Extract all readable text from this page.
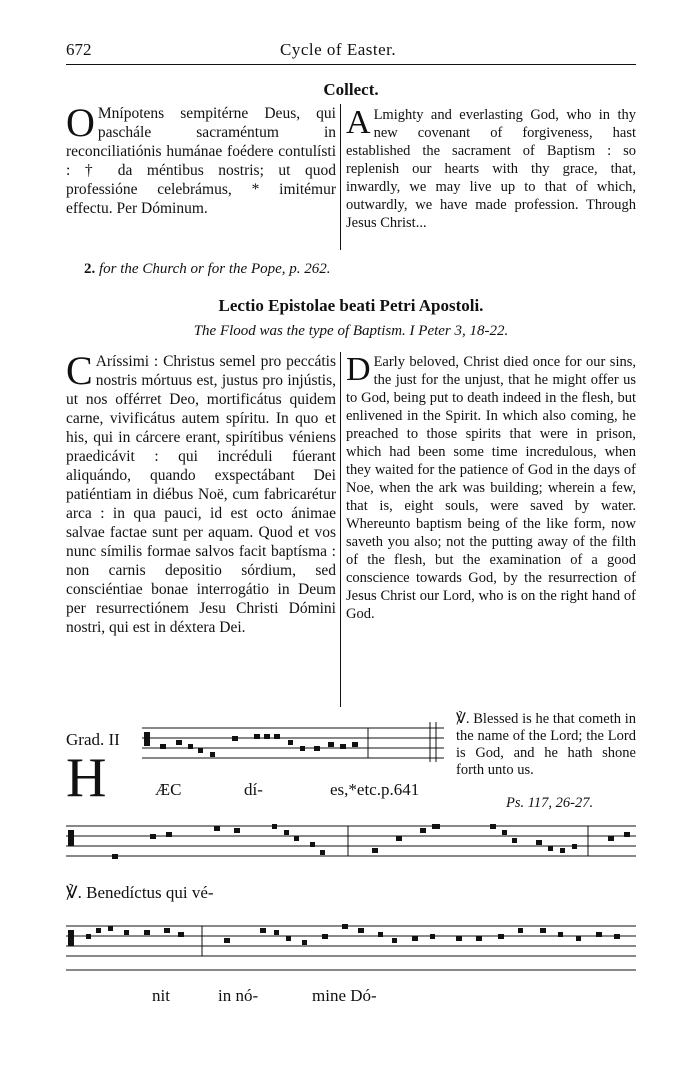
672	Cycle of Easter.
Collect.
O Mnípotens sempitérne Deus, qui paschále sacraméntum in reconciliatiónis humánae foédere contulísti : † da méntibus nostris; ut quod professióne celebrámus, * imitémur effectu. Per Dóminum.
A Lmighty and everlasting God, who in thy new covenant of forgiveness, hast established the sacrament of Baptism : so replenish our hearts with thy grace, that, inwardly, we may live up to that of which, outwardly, we have made profession. Through Jesus Christ...
2. for the Church or for the Pope, p. 262.
Lectio Epistolae beati Petri Apostoli.
The Flood was the type of Baptism. I Peter 3, 18-22.
C Aríssimi : Christus semel pro peccátis nostris mórtuus est, justus pro injústis, ut nos offérret Deo, mortificátus quidem carne, vivificátus autem spíritu. In quo et his, qui in cárcere erant, spirítibus véniens praedicávit : qui incréduli fúerant aliquándo, quando exspectábant Dei patiéntiam in diébus Noë, cum fabricarétur arca : in qua pauci, id est octo ánimae salvae factae sunt per aquam. Quod et vos nunc símilis formae salvos facit baptísma : non carnis depositio sórdium, sed consciéntiae bonae interrogátio in Deum per resurrectiónem Jesu Christi Dómini nostri, qui est in déxtera Dei.
D Early beloved, Christ died once for our sins, the just for the unjust, that he might offer us to God, being put to death indeed in the flesh, but enlivened in the Spirit. In which also coming, he preached to those spirits that were in prison, which had been some time incredulous, when they waited for the patience of God in the days of Noe, when the ark was building; wherein a few, that is, eight souls, were saved by water. Whereunto baptism being of the like form, now saveth you also; not the putting away of the filth of the flesh, but the examination of a good conscience towards God, by the resurrection of Jesus Christ our Lord, who is on the right hand of God.
Grad. II
H	ÆC	dí-	es,*etc.p.641
℣. Blessed is he that cometh in the name of the Lord; the Lord is God, and he hath shone forth unto us.
Ps. 117, 26-27.
℣. Benedíctus qui vé-
nit	in nó-	mine Dó-
